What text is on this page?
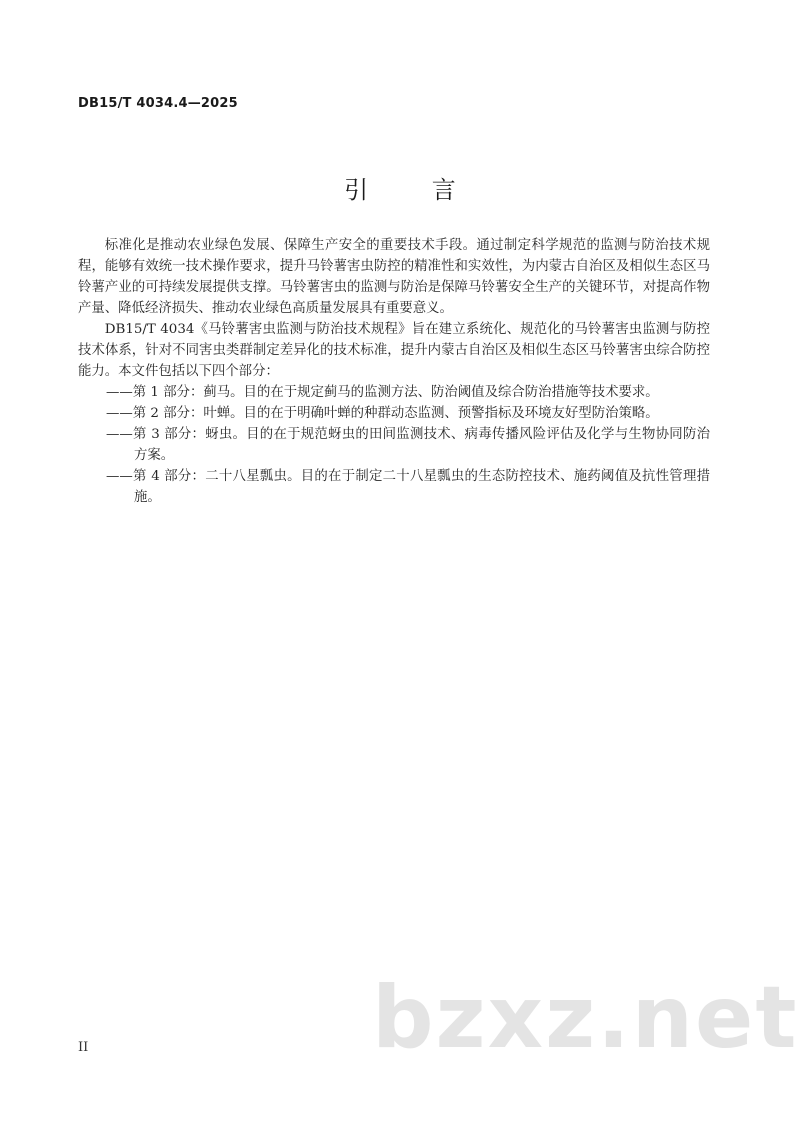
DB15/T 4034.4—2025
引 言

标准化是推动农业绿色发展、保障生产安全的重要技术手段。通过制定科学规范的监测与防治技术规程，能够有效统一技术操作要求，提升马铃薯害虫防控的精准性和实效性，为内蒙古自治区及相似生态区马铃薯产业的可持续发展提供支撑。马铃薯害虫的监测与防治是保障马铃薯安全生产的关键环节，对提高作物产量、降低经济损失、推动农业绿色高质量发展具有重要意义。

DB15/T 4034《马铃薯害虫监测与防治技术规程》旨在建立系统化、规范化的马铃薯害虫监测与防控技术体系，针对不同害虫类群制定差异化的技术标准，提升内蒙古自治区及相似生态区马铃薯害虫综合防控能力。本文件包括以下四个部分：

——第 1 部分：蓟马。目的在于规定蓟马的监测方法、防治阈值及综合防治措施等技术要求。
——第 2 部分：叶蝉。目的在于明确叶蝉的种群动态监测、预警指标及环境友好型防治策略。
——第 3 部分：蚜虫。目的在于规范蚜虫的田间监测技术、病毒传播风险评估及化学与生物协同防治方案。
——第 4 部分：二十八星瓢虫。目的在于制定二十八星瓢虫的生态防控技术、施药阈值及抗性管理措施。
bzxz.net
II
